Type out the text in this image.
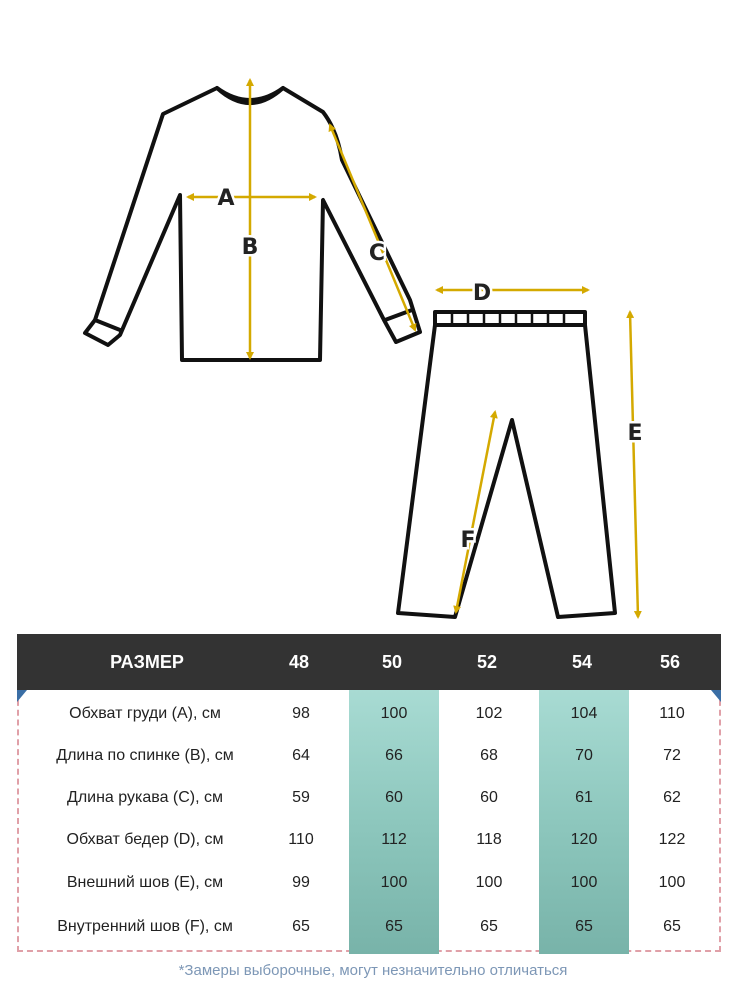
A
B	C
D
E
F
Обхват груди (A), см	98	100	102	104	110
Длина по спинке (B), см	64	66	68	70	72
Длина рукава (C), см	59	60	60	61	62
Обхват бедер (D), см	110	112	118	120	122
Внешний шов (E), см	99	100	100	100	100
Внутренний шов (F), см	65	65	65	65	65
РАЗМЕР	48	50	52	54	56
*Замеры выборочные, могут незначительно отличаться
